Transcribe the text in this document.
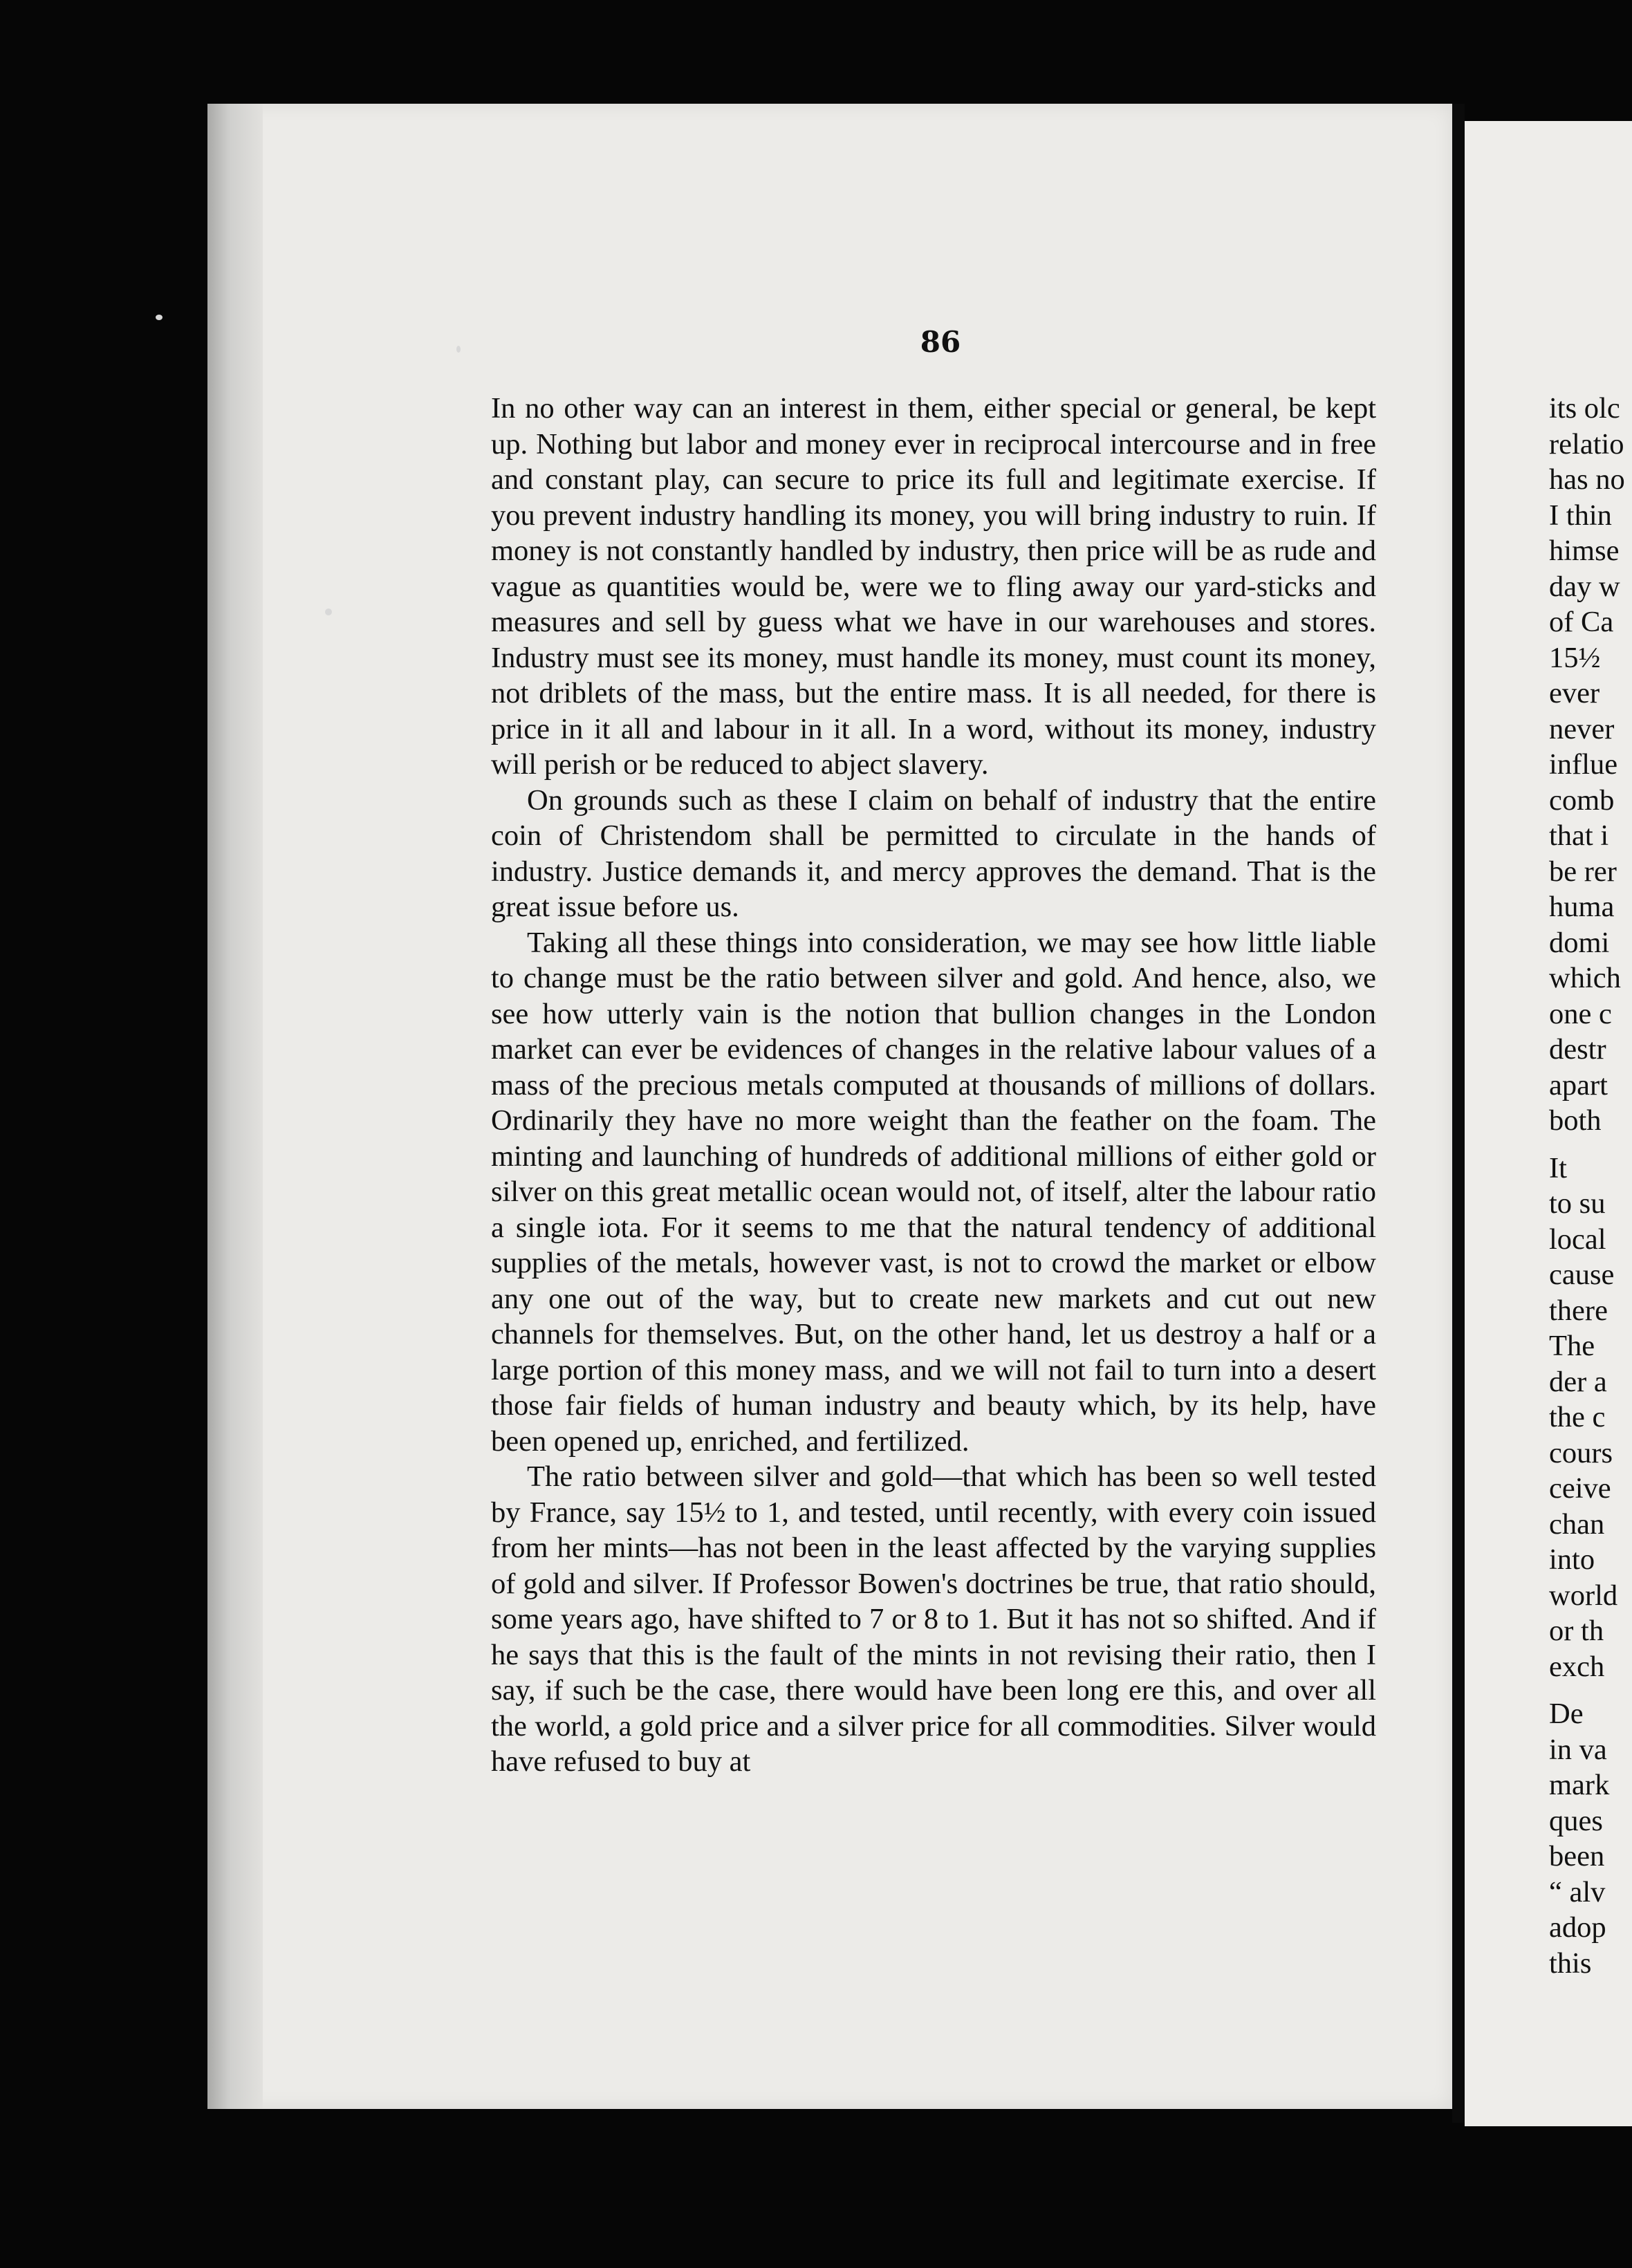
86

In no other way can an interest in them, either special or general, be kept up. Nothing but labor and money ever in reciprocal intercourse and in free and constant play, can secure to price its full and legitimate exercise. If you prevent industry handling its money, you will bring industry to ruin. If money is not constantly handled by industry, then price will be as rude and vague as quantities would be, were we to fling away our yard-sticks and measures and sell by guess what we have in our warehouses and stores. Industry must see its money, must handle its money, must count its money, not driblets of the mass, but the entire mass. It is all needed, for there is price in it all and labour in it all. In a word, without its money, industry will perish or be reduced to abject slavery.

On grounds such as these I claim on behalf of industry that the entire coin of Christendom shall be permitted to circulate in the hands of industry. Justice demands it, and mercy approves the demand. That is the great issue before us.

Taking all these things into consideration, we may see how little liable to change must be the ratio between silver and gold. And hence, also, we see how utterly vain is the notion that bullion changes in the London market can ever be evidences of changes in the relative labour values of a mass of the precious metals computed at thousands of millions of dollars. Ordinarily they have no more weight than the feather on the foam. The minting and launching of hundreds of additional millions of either gold or silver on this great metallic ocean would not, of itself, alter the labour ratio a single iota. For it seems to me that the natural tendency of additional supplies of the metals, however vast, is not to crowd the market or elbow any one out of the way, but to create new markets and cut out new channels for themselves. But, on the other hand, let us destroy a half or a large portion of this money mass, and we will not fail to turn into a desert those fair fields of human industry and beauty which, by its help, have been opened up, enriched, and fertilized.

The ratio between silver and gold—that which has been so well tested by France, say 15½ to 1, and tested, until recently, with every coin issued from her mints—has not been in the least affected by the varying supplies of gold and silver. If Professor Bowen's doctrines be true, that ratio should, some years ago, have shifted to 7 or 8 to 1. But it has not so shifted. And if he says that this is the fault of the mints in not revising their ratio, then I say, if such be the case, there would have been long ere this, and over all the world, a gold price and a silver price for all commodities. Silver would have refused to buy at

its olc
relatio
has no
I thin
himse
day w
of Ca
15½
ever
never
influe
comb
that i
be rer
huma
domi
which
one c
destr
apart
both
It
to su
local
cause
there
The
der a
the c
cours
ceive
chan
into
world
or th
exch
De
in va
mark
ques
been
“ alv
adop
this
